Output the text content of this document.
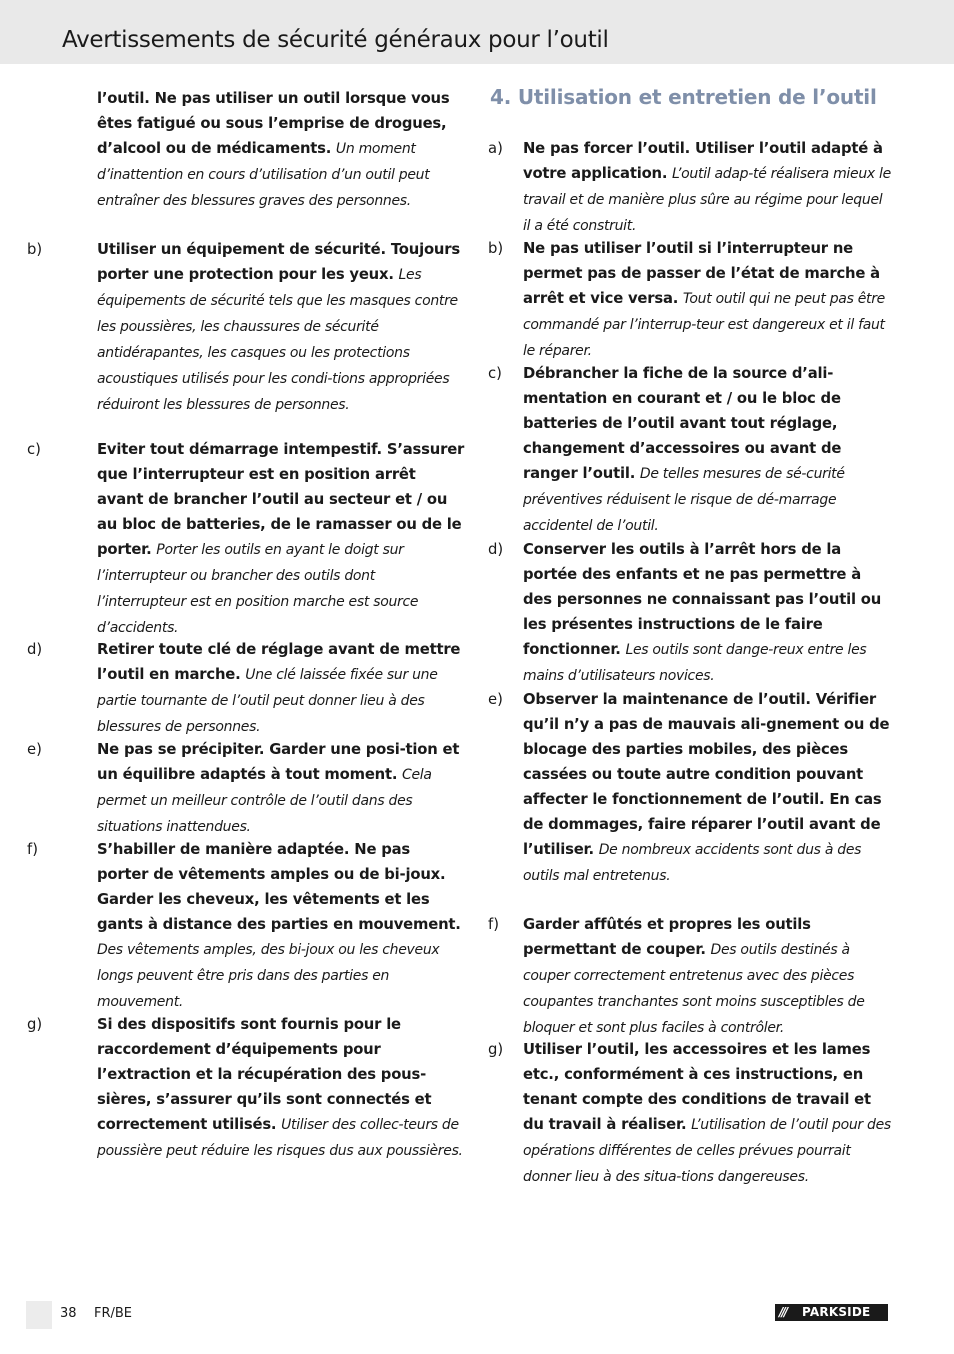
Avertissements de sécurité généraux pour l’outil
l’outil. Ne pas utiliser un outil lorsque vous êtes fatigué ou sous l’emprise de drogues, d’alcool ou de médicaments. Un moment d’inattention en cours d’utilisation d’un outil peut entraîner des blessures graves des personnes.
b)	Utiliser un équipement de sécurité. Toujours porter une protection pour les yeux. Les équipements de sécurité tels que les masques contre les poussières, les chaussures de sécurité antidérapantes, les casques ou les protections acoustiques utilisés pour les condi-tions appropriées réduiront les blessures de personnes.
c)	Eviter tout démarrage intempestif. S’assurer que l’interrupteur est en position arrêt avant de brancher l’outil au secteur et / ou au bloc de batteries, de le ramasser ou de le porter. Porter les outils en ayant le doigt sur l’interrupteur ou brancher des outils dont l’interrupteur est en position marche est source d’accidents.
d)	Retirer toute clé de réglage avant de mettre l’outil en marche. Une clé laissée fixée sur une partie tournante de l’outil peut donner lieu à des blessures de personnes.
e)	Ne pas se précipiter. Garder une posi-tion et un équilibre adaptés à tout moment. Cela permet un meilleur contrôle de l’outil dans des situations inattendues.
f)	S’habiller de manière adaptée. Ne pas porter de vêtements amples ou de bi-joux. Garder les cheveux, les vêtements et les gants à distance des parties en mouvement. Des vêtements amples, des bi-joux ou les cheveux longs peuvent être pris dans des parties en mouvement.
g)	Si des dispositifs sont fournis pour le raccordement d’équipements pour l’extraction et la récupération des pous-sières, s’assurer qu’ils sont connectés et correctement utilisés. Utiliser des collec-teurs de poussière peut réduire les risques dus aux poussières.
4. Utilisation et entretien de l’outil
a) Ne pas forcer l’outil. Utiliser l’outil adapté à votre application. L’outil adap-té réalisera mieux le travail et de manière plus sûre au régime pour lequel il a été construit.
b) Ne pas utiliser l’outil si l’interrupteur ne permet pas de passer de l’état de marche à arrêt et vice versa. Tout outil qui ne peut pas être commandé par l’interrup-teur est dangereux et il faut le réparer.
c) Débrancher la fiche de la source d’ali-mentation en courant et / ou le bloc de batteries de l’outil avant tout réglage, changement d’accessoires ou avant de ranger l’outil. De telles mesures de sé-curité préventives réduisent le risque de dé-marrage accidentel de l’outil.
d) Conserver les outils à l’arrêt hors de la portée des enfants et ne pas permettre à des personnes ne connaissant pas l’outil ou les présentes instructions de le faire fonctionner. Les outils sont dange-reux entre les mains d’utilisateurs novices.
e) Observer la maintenance de l’outil. Vérifier qu’il n’y a pas de mauvais ali-gnement ou de blocage des parties mobiles, des pièces cassées ou toute autre condition pouvant affecter le fonctionnement de l’outil. En cas de dommages, faire réparer l’outil avant de l’utiliser. De nombreux accidents sont dus à des outils mal entretenus.
f) Garder affûtés et propres les outils permettant de couper. Des outils destinés à couper correctement entretenus avec des pièces coupantes tranchantes sont moins susceptibles de bloquer et sont plus faciles à contrôler.
g) Utiliser l’outil, les accessoires et les lames etc., conformément à ces instructions, en tenant compte des conditions de travail et du travail à réaliser. L’utilisation de l’outil pour des opérations différentes de celles prévues pourrait donner lieu à des situa-tions dangereuses.
38 FR/BE	/// PARKSIDE
